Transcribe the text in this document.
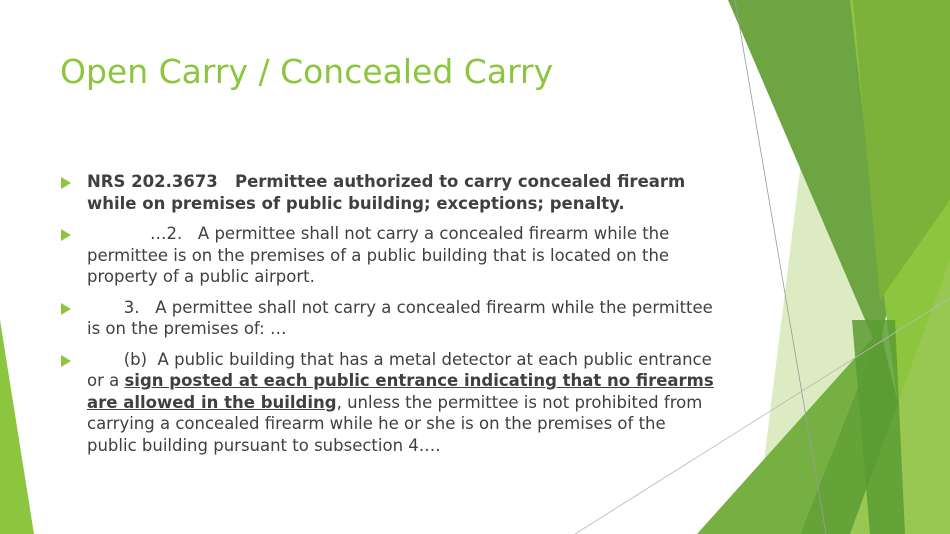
Open Carry / Concealed Carry
NRS 202.3673   Permittee authorized to carry concealed firearm while on premises of public building; exceptions; penalty.
…2.   A permittee shall not carry a concealed firearm while the permittee is on the premises of a public building that is located on the property of a public airport.
3.   A permittee shall not carry a concealed firearm while the permittee is on the premises of: …
(b)  A public building that has a metal detector at each public entrance or a sign posted at each public entrance indicating that no firearms are allowed in the building, unless the permittee is not prohibited from carrying a concealed firearm while he or she is on the premises of the public building pursuant to subsection 4….
